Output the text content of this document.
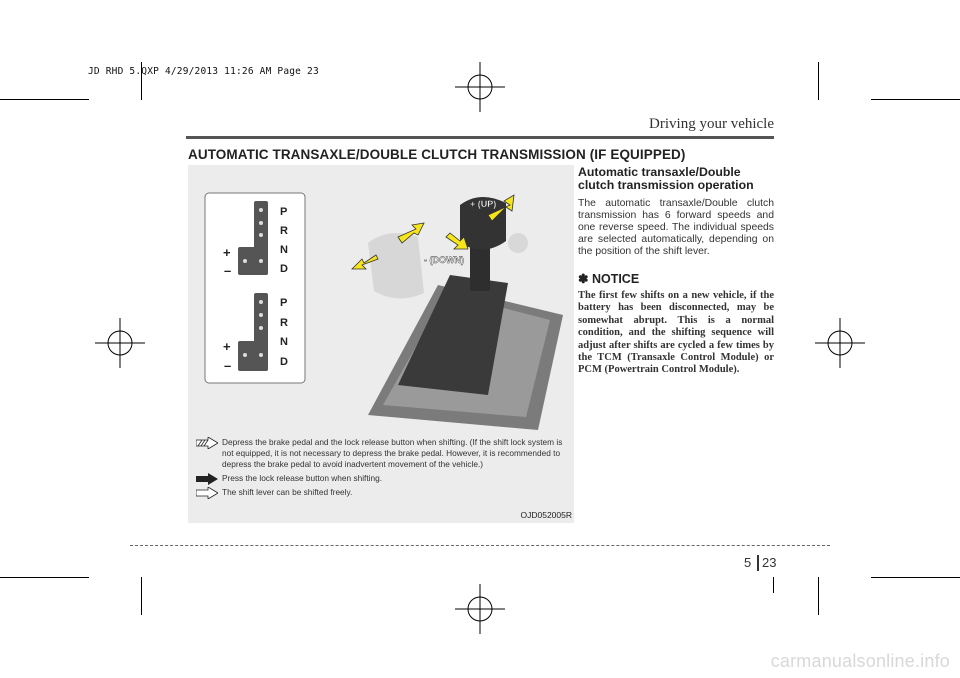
JD RHD 5.QXP 4/29/2013 11:26 AM Page 23
Driving your vehicle
AUTOMATIC TRANSAXLE/DOUBLE CLUTCH TRANSMISSION (IF EQUIPPED)
P
R
N
D
+
–
P
R
N
D
+
–
+ (UP)
- (DOWN)
Depress the brake pedal and the lock release button when shifting. (If the shift lock system is not equipped, it is not necessary to depress the brake pedal. However, it is recommended to depress the brake pedal to avoid inadvertent movement of the vehicle.)
Press the lock release button when shifting.
The shift lever can be shifted freely.
OJD052005R

Automatic transaxle/Double clutch transmission operation

The automatic transaxle/Double clutch transmission has 6 forward speeds and one reverse speed. The individual speeds are selected automatically, depending on the position of the shift lever.

✽ NOTICE

The first few shifts on a new vehicle, if the battery has been disconnected, may be somewhat abrupt. This is a normal condition, and the shifting sequence will adjust after shifts are cycled a few times by the TCM (Transaxle Control Module) or PCM (Powertrain Control Module).

5 23
carmanualsonline.info
